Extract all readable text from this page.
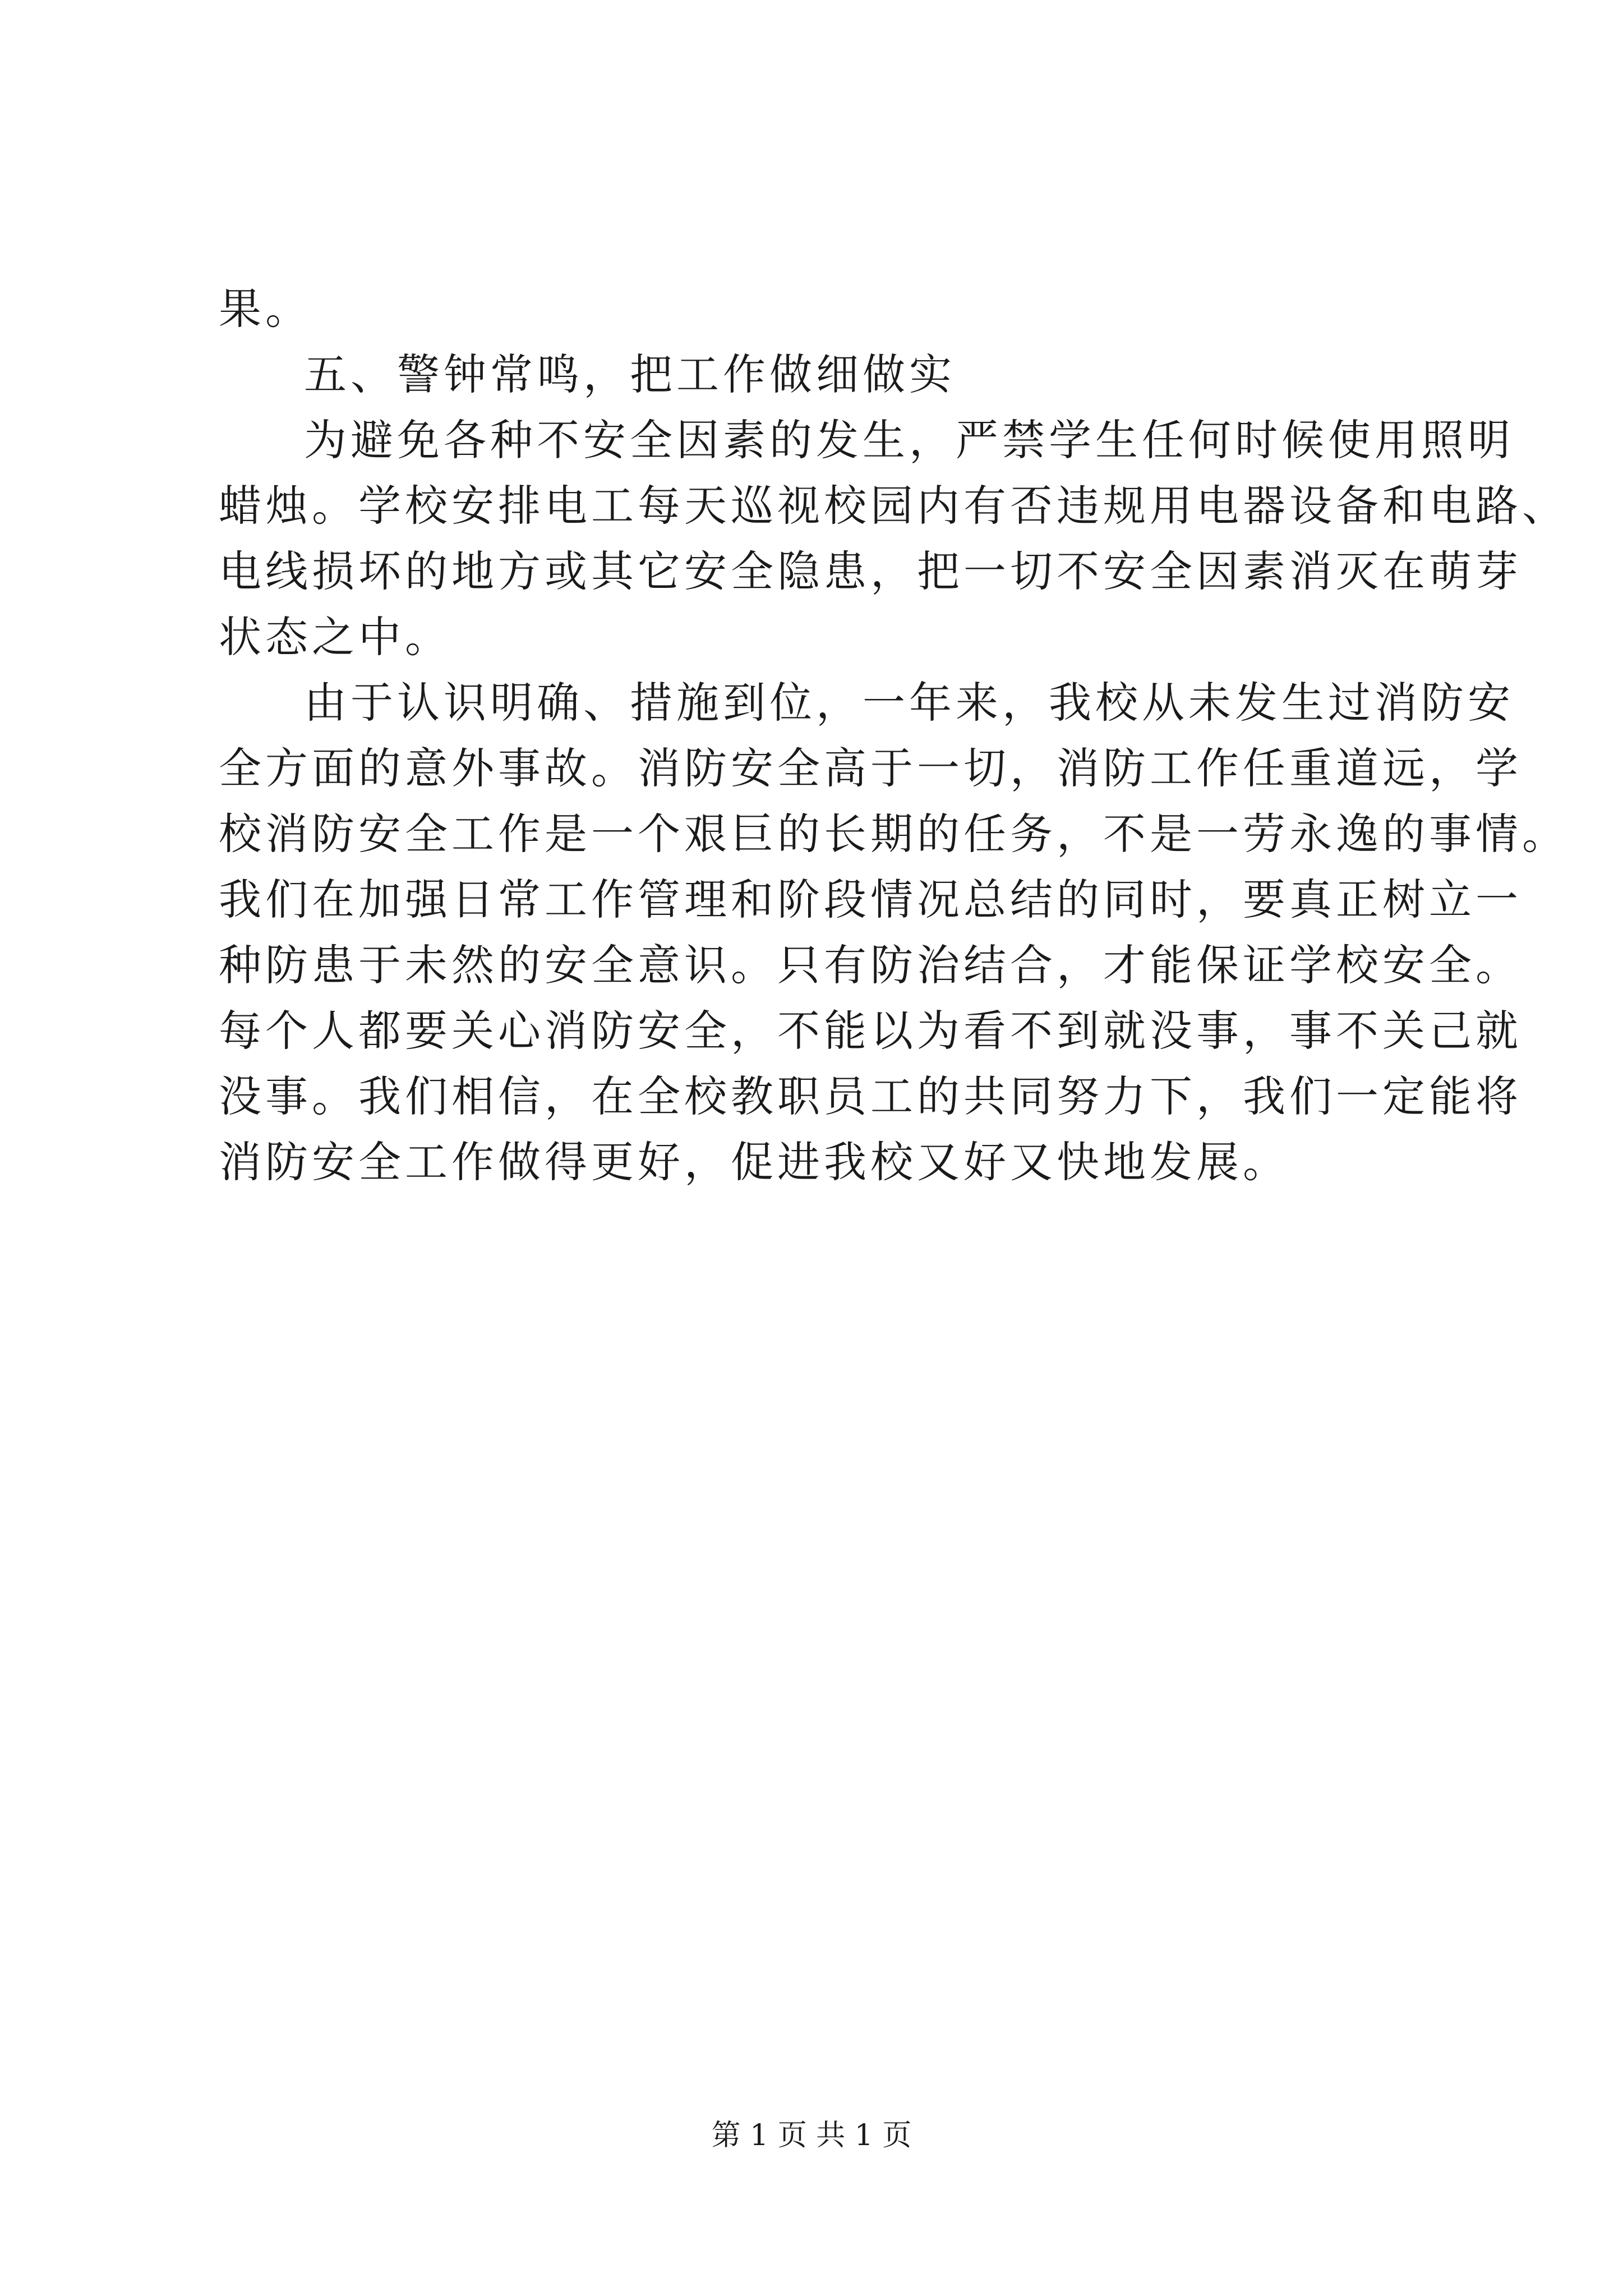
果。
五、警钟常鸣，把工作做细做实
为避免各种不安全因素的发生，严禁学生任何时候使用照明
蜡烛。学校安排电工每天巡视校园内有否违规用电器设备和电路、
电线损坏的地方或其它安全隐患，把一切不安全因素消灭在萌芽
状态之中。
由于认识明确、措施到位，一年来，我校从未发生过消防安
全方面的意外事故。消防安全高于一切，消防工作任重道远，学
校消防安全工作是一个艰巨的长期的任务，不是一劳永逸的事情。
我们在加强日常工作管理和阶段情况总结的同时，要真正树立一
种防患于未然的安全意识。只有防治结合，才能保证学校安全。
每个人都要关心消防安全，不能以为看不到就没事，事不关己就
没事。我们相信，在全校教职员工的共同努力下，我们一定能将
消防安全工作做得更好，促进我校又好又快地发展。
第 1 页 共 1 页
